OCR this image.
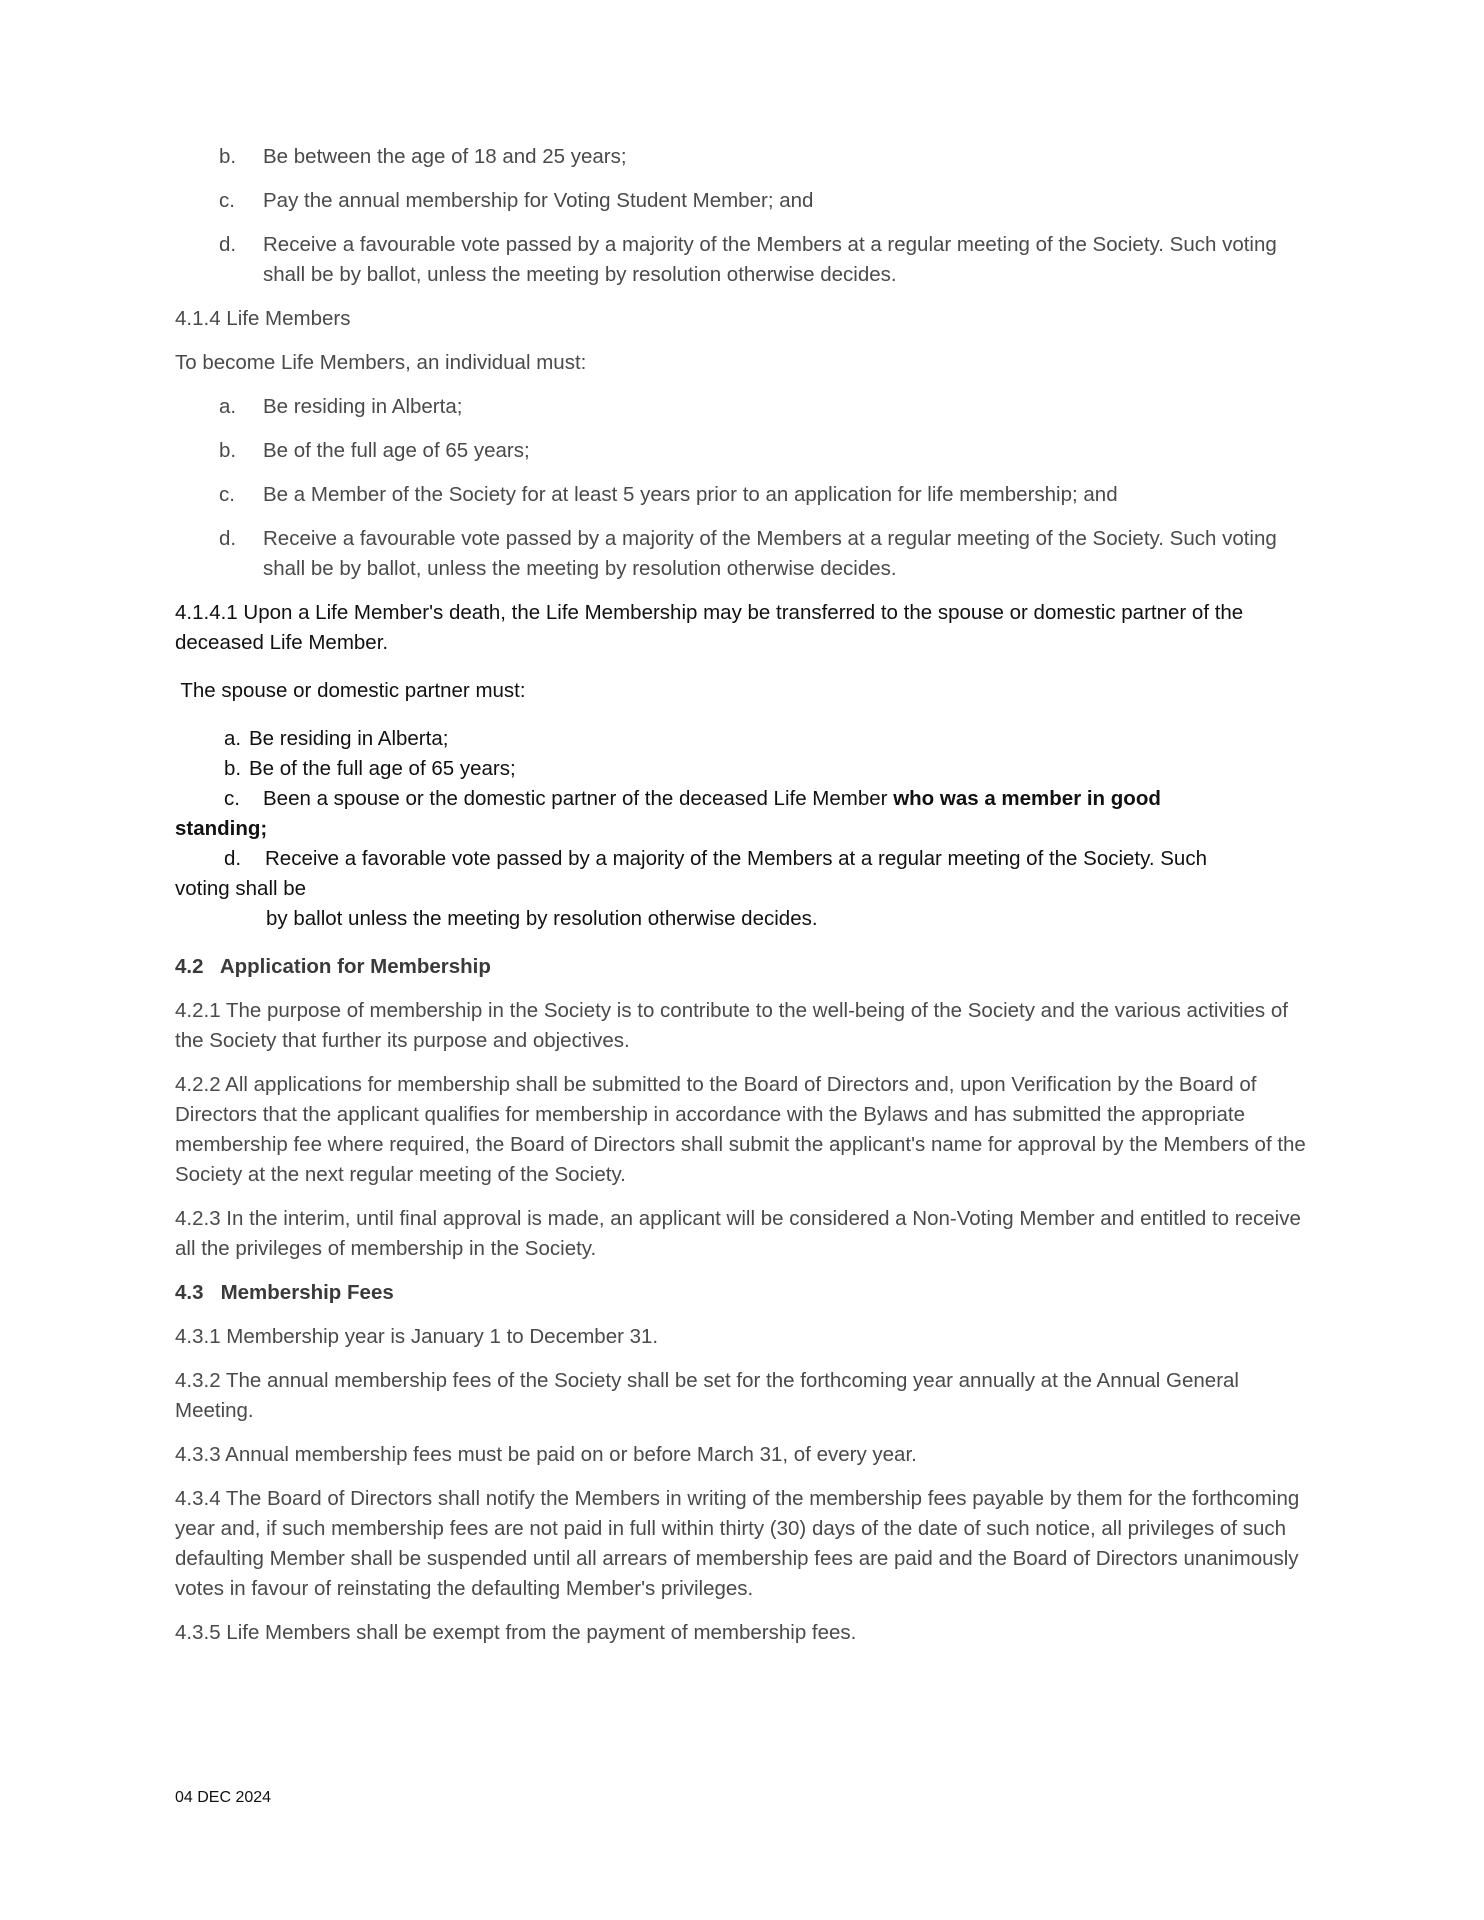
b. Be between the age of 18 and 25 years;
c. Pay the annual membership for Voting Student Member; and
d. Receive a favourable vote passed by a majority of the Members at a regular meeting of the Society. Such voting shall be by ballot, unless the meeting by resolution otherwise decides.
4.1.4 Life Members
To become Life Members, an individual must:
a. Be residing in Alberta;
b. Be of the full age of 65 years;
c. Be a Member of the Society for at least 5 years prior to an application for life membership; and
d. Receive a favourable vote passed by a majority of the Members at a regular meeting of the Society. Such voting shall be by ballot, unless the meeting by resolution otherwise decides.
4.1.4.1 Upon a Life Member's death, the Life Membership may be transferred to the spouse or domestic partner of the deceased Life Member.
The spouse or domestic partner must:
a. Be residing in Alberta;
b. Be of the full age of 65 years;
c. Been a spouse or the domestic partner of the deceased Life Member who was a member in good
standing;
d. Receive a favorable vote passed by a majority of the Members at a regular meeting of the Society. Such
voting shall be
by ballot unless the meeting by resolution otherwise decides.
4.2   Application for Membership
4.2.1 The purpose of membership in the Society is to contribute to the well-being of the Society and the various activities of the Society that further its purpose and objectives.
4.2.2 All applications for membership shall be submitted to the Board of Directors and, upon Verification by the Board of Directors that the applicant qualifies for membership in accordance with the Bylaws and has submitted the appropriate membership fee where required, the Board of Directors shall submit the applicant's name for approval by the Members of the Society at the next regular meeting of the Society.
4.2.3 In the interim, until final approval is made, an applicant will be considered a Non-Voting Member and entitled to receive all the privileges of membership in the Society.
4.3   Membership Fees
4.3.1 Membership year is January 1 to December 31.
4.3.2 The annual membership fees of the Society shall be set for the forthcoming year annually at the Annual General Meeting.
4.3.3 Annual membership fees must be paid on or before March 31, of every year.
4.3.4 The Board of Directors shall notify the Members in writing of the membership fees payable by them for the forthcoming year and, if such membership fees are not paid in full within thirty (30) days of the date of such notice, all privileges of such defaulting Member shall be suspended until all arrears of membership fees are paid and the Board of Directors unanimously votes in favour of reinstating the defaulting Member's privileges.
4.3.5 Life Members shall be exempt from the payment of membership fees.
04 DEC 2024
